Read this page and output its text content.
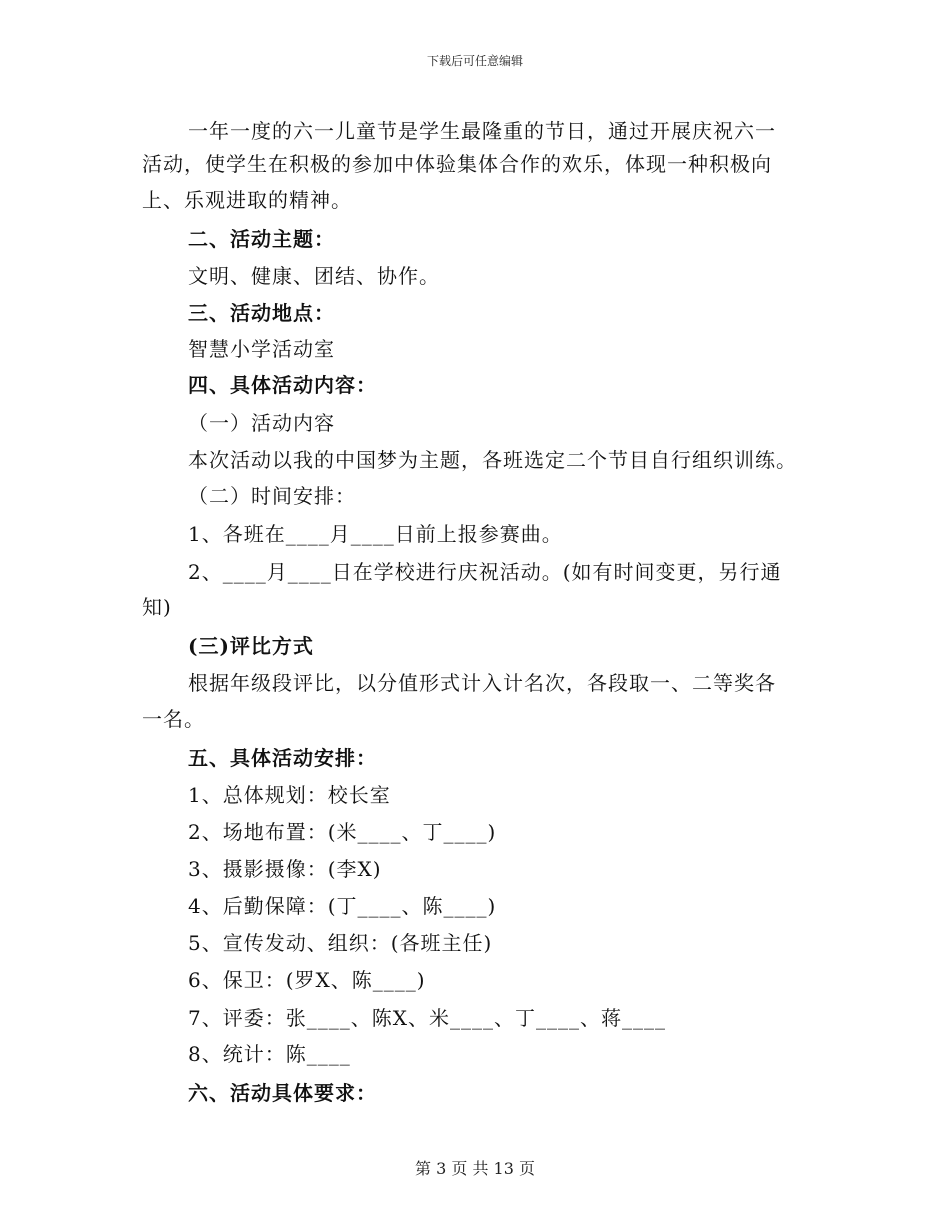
下载后可任意编辑
一年一度的六一儿童节是学生最隆重的节日，通过开展庆祝六一
活动，使学生在积极的参加中体验集体合作的欢乐，体现一种积极向
上、乐观进取的精神。
二、活动主题：
文明、健康、团结、协作。
三、活动地点：
智慧小学活动室
四、具体活动内容：
（一）活动内容
本次活动以我的中国梦为主题，各班选定二个节目自行组织训练。
（二）时间安排：
1、各班在____月____日前上报参赛曲。
2、____月____日在学校进行庆祝活动。(如有时间变更，另行通
知)
(三)评比方式
根据年级段评比，以分值形式计入计名次，各段取一、二等奖各
一名。
五、具体活动安排：
1、总体规划：校长室
2、场地布置：(米____、丁____)
3、摄影摄像：(李X)
4、后勤保障：(丁____、陈____)
5、宣传发动、组织：(各班主任)
6、保卫：(罗X、陈____)
7、评委：张____、陈X、米____、丁____、蒋____
8、统计：陈____
六、活动具体要求：
第 3 页 共 13 页
